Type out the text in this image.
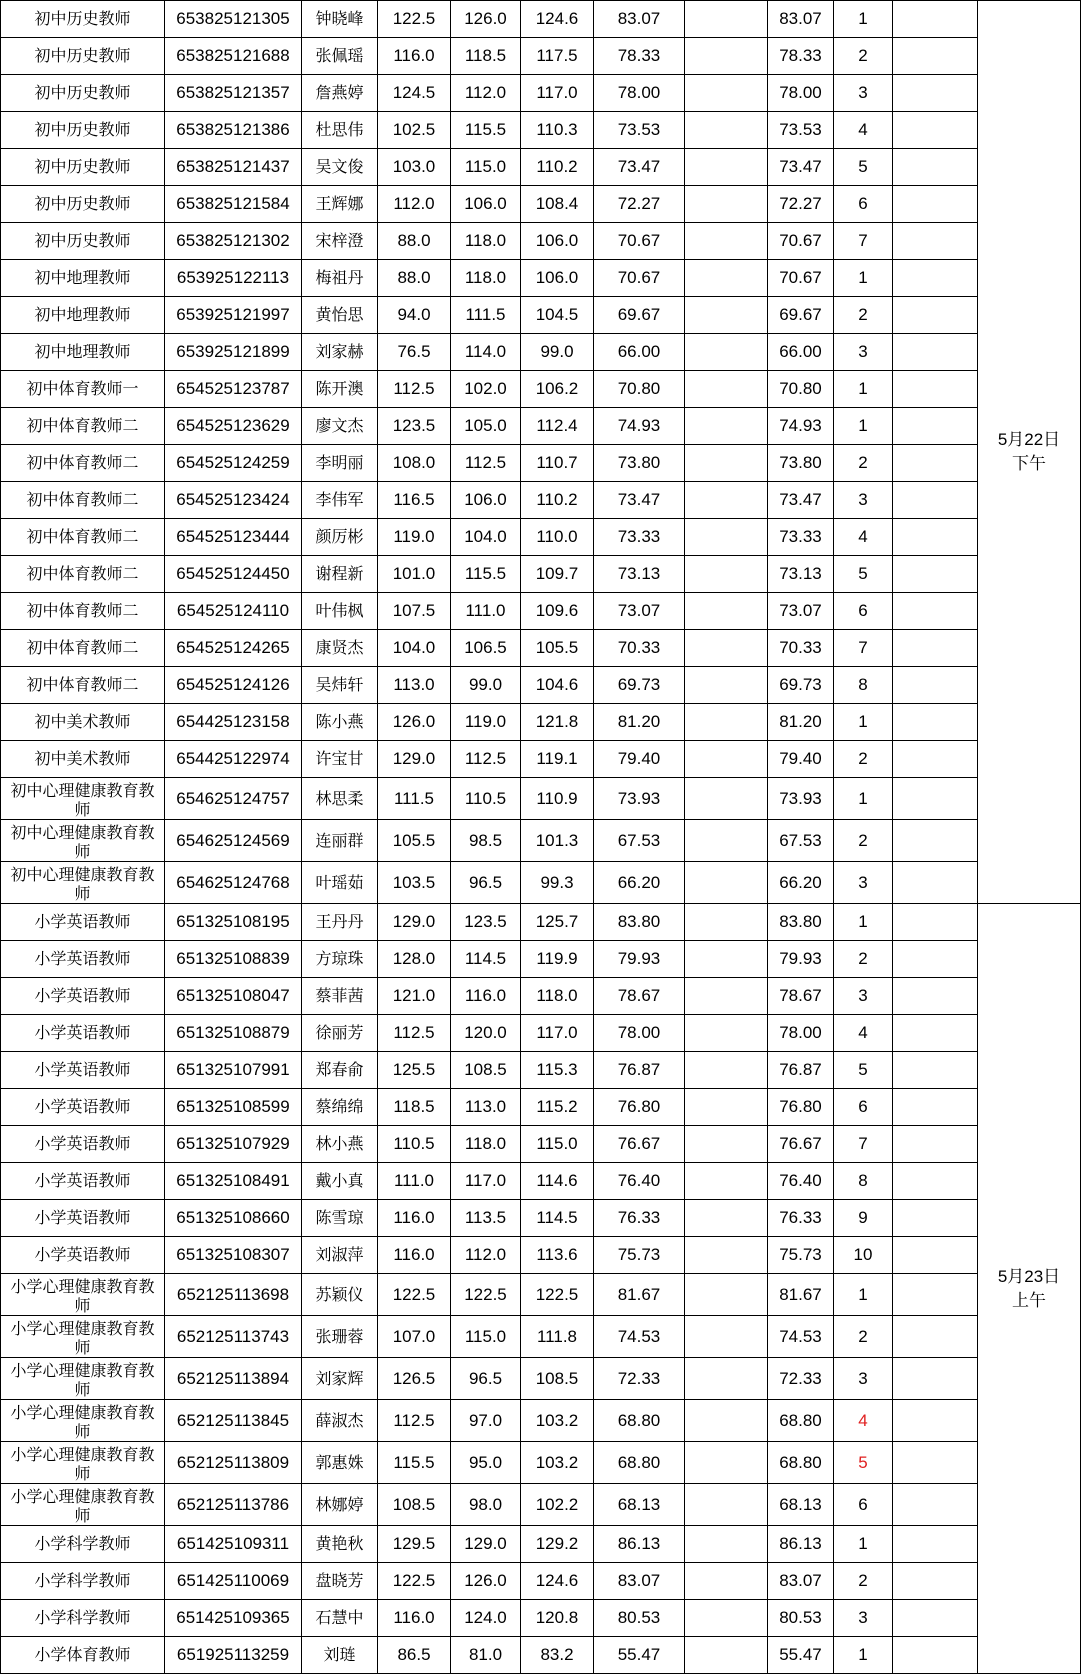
初中历史教师	653825121305	钟晓峰	122.5	126.0	124.6	83.07		83.07	1		5月22日
下午

初中历史教师	653825121688	张佩瑶	116.0	118.5	117.5	78.33		78.33	2		
初中历史教师	653825121357	詹燕婷	124.5	112.0	117.0	78.00		78.00	3		
初中历史教师	653825121386	杜思伟	102.5	115.5	110.3	73.53		73.53	4		
初中历史教师	653825121437	吴文俊	103.0	115.0	110.2	73.47		73.47	5		
初中历史教师	653825121584	王辉娜	112.0	106.0	108.4	72.27		72.27	6		
初中历史教师	653825121302	宋梓澄	88.0	118.0	106.0	70.67		70.67	7		
初中地理教师	653925122113	梅祖丹	88.0	118.0	106.0	70.67		70.67	1		
初中地理教师	653925121997	黄怡思	94.0	111.5	104.5	69.67		69.67	2		
初中地理教师	653925121899	刘家赫	76.5	114.0	99.0	66.00		66.00	3		
初中体育教师一	654525123787	陈开澳	112.5	102.0	106.2	70.80		70.80	1		
初中体育教师二	654525123629	廖文杰	123.5	105.0	112.4	74.93		74.93	1		
初中体育教师二	654525124259	李明丽	108.0	112.5	110.7	73.80		73.80	2		
初中体育教师二	654525123424	李伟军	116.5	106.0	110.2	73.47		73.47	3		
初中体育教师二	654525123444	颜厉彬	119.0	104.0	110.0	73.33		73.33	4		
初中体育教师二	654525124450	谢程新	101.0	115.5	109.7	73.13		73.13	5		
初中体育教师二	654525124110	叶伟枫	107.5	111.0	109.6	73.07		73.07	6		
初中体育教师二	654525124265	康贤杰	104.0	106.5	105.5	70.33		70.33	7		
初中体育教师二	654525124126	吴炜轩	113.0	99.0	104.6	69.73		69.73	8		
初中美术教师	654425123158	陈小燕	126.0	119.0	121.8	81.20		81.20	1		
初中美术教师	654425122974	许宝甘	129.0	112.5	119.1	79.40		79.40	2		
初中心理健康教育教师	654625124757	林思柔	111.5	110.5	110.9	73.93		73.93	1		
初中心理健康教育教师	654625124569	连丽群	105.5	98.5	101.3	67.53		67.53	2		
初中心理健康教育教师	654625124768	叶瑶茹	103.5	96.5	99.3	66.20		66.20	3		
小学英语教师	651325108195	王丹丹	129.0	123.5	125.7	83.80		83.80	1		5月23日
上午

小学英语教师	651325108839	方琼珠	128.0	114.5	119.9	79.93		79.93	2		
小学英语教师	651325108047	蔡菲茜	121.0	116.0	118.0	78.67		78.67	3		
小学英语教师	651325108879	徐丽芳	112.5	120.0	117.0	78.00		78.00	4		
小学英语教师	651325107991	郑春俞	125.5	108.5	115.3	76.87		76.87	5		
小学英语教师	651325108599	蔡绵绵	118.5	113.0	115.2	76.80		76.80	6		
小学英语教师	651325107929	林小燕	110.5	118.0	115.0	76.67		76.67	7		
小学英语教师	651325108491	戴小真	111.0	117.0	114.6	76.40		76.40	8		
小学英语教师	651325108660	陈雪琼	116.0	113.5	114.5	76.33		76.33	9		
小学英语教师	651325108307	刘淑萍	116.0	112.0	113.6	75.73		75.73	10		
小学心理健康教育教师	652125113698	苏颖仪	122.5	122.5	122.5	81.67		81.67	1		
小学心理健康教育教师	652125113743	张珊蓉	107.0	115.0	111.8	74.53		74.53	2		
小学心理健康教育教师	652125113894	刘家辉	126.5	96.5	108.5	72.33		72.33	3		
小学心理健康教育教师	652125113845	薛淑杰	112.5	97.0	103.2	68.80		68.80	4		
小学心理健康教育教师	652125113809	郭惠姝	115.5	95.0	103.2	68.80		68.80	5		
小学心理健康教育教师	652125113786	林娜婷	108.5	98.0	102.2	68.13		68.13	6		
小学科学教师	651425109311	黄艳秋	129.5	129.0	129.2	86.13		86.13	1		
小学科学教师	651425110069	盘晓芳	122.5	126.0	124.6	83.07		83.07	2		
小学科学教师	651425109365	石慧中	116.0	124.0	120.8	80.53		80.53	3		
小学体育教师	651925113259	刘琏	86.5	81.0	83.2	55.47		55.47	1		
